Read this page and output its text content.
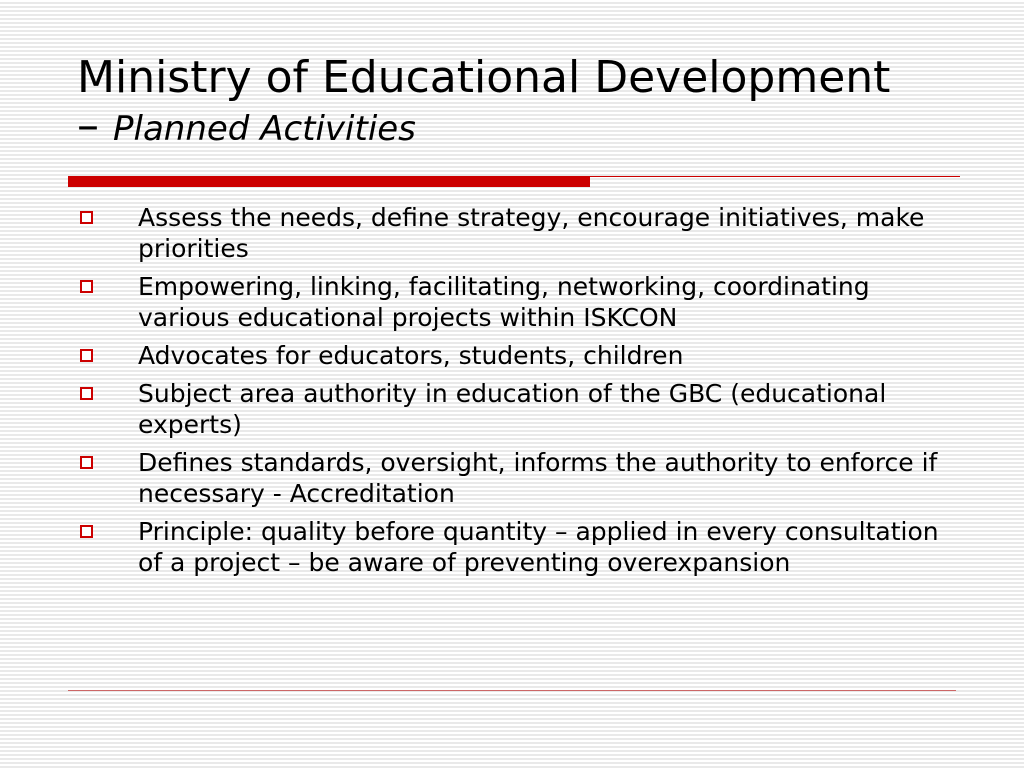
Ministry of Educational Development
– Planned Activities
Assess the needs, define strategy, encourage initiatives, make priorities
Empowering, linking, facilitating, networking, coordinating various educational projects within ISKCON
Advocates for educators, students, children
Subject area authority in education of the GBC (educational experts)
Defines standards, oversight, informs the authority to enforce if necessary - Accreditation
Principle: quality before quantity – applied in every consultation of a project – be aware of preventing overexpansion
